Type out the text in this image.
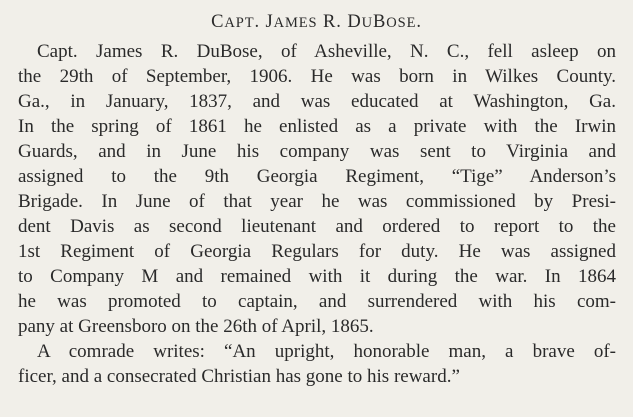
CAPT. JAMES R. DUBOSE.
Capt. James R. DuBose, of Asheville, N. C., fell asleep on
the 29th of September, 1906. He was born in Wilkes County.
Ga., in January, 1837, and was educated at Washington, Ga.
In the spring of 1861 he enlisted as a private with the Irwin
Guards, and in June his company was sent to Virginia and
assigned to the 9th Georgia Regiment, “Tige” Anderson’s
Brigade. In June of that year he was commissioned by Presi-
dent Davis as second lieutenant and ordered to report to the
1st Regiment of Georgia Regulars for duty. He was assigned
to Company M and remained with it during the war. In 1864
he was promoted to captain, and surrendered with his com-
pany at Greensboro on the 26th of April, 1865.
A comrade writes: “An upright, honorable man, a brave of-
ficer, and a consecrated Christian has gone to his reward.”
